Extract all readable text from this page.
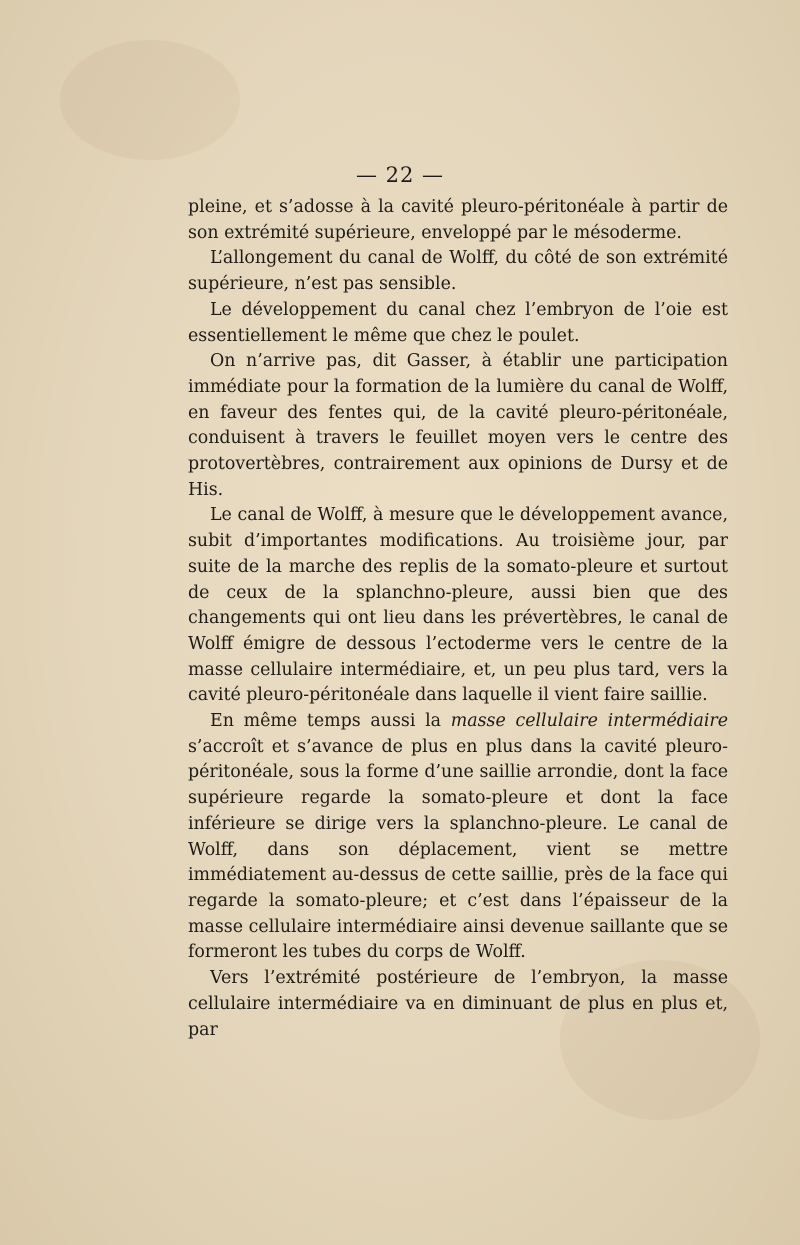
— 22 —

pleine, et s’adosse à la cavité pleuro-péritonéale à partir de son extrémité supérieure, enveloppé par le mésoderme.

L’allongement du canal de Wolff, du côté de son extrémité supérieure, n’est pas sensible.

Le développement du canal chez l’embryon de l’oie est essentiellement le même que chez le poulet.

On n’arrive pas, dit Gasser, à établir une participation immédiate pour la formation de la lumière du canal de Wolff, en faveur des fentes qui, de la cavité pleuro-péritonéale, conduisent à travers le feuillet moyen vers le centre des protovertèbres, contrairement aux opinions de Dursy et de His.

Le canal de Wolff, à mesure que le développement avance, subit d’importantes modifications. Au troisième jour, par suite de la marche des replis de la somato-pleure et surtout de ceux de la splanchno-pleure, aussi bien que des changements qui ont lieu dans les prévertèbres, le canal de Wolff émigre de dessous l’ectoderme vers le centre de la masse cellulaire intermédiaire, et, un peu plus tard, vers la cavité pleuro-péritonéale dans laquelle il vient faire saillie.

En même temps aussi la masse cellulaire intermédiaire s’accroît et s’avance de plus en plus dans la cavité pleuro-péritonéale, sous la forme d’une saillie arrondie, dont la face supérieure regarde la somato-pleure et dont la face inférieure se dirige vers la splanchno-pleure. Le canal de Wolff, dans son déplacement, vient se mettre immédiatement au-dessus de cette saillie, près de la face qui regarde la somato-pleure; et c’est dans l’épaisseur de la masse cellulaire intermédiaire ainsi devenue saillante que se formeront les tubes du corps de Wolff.

Vers l’extrémité postérieure de l’embryon, la masse cellulaire intermédiaire va en diminuant de plus en plus et, par
